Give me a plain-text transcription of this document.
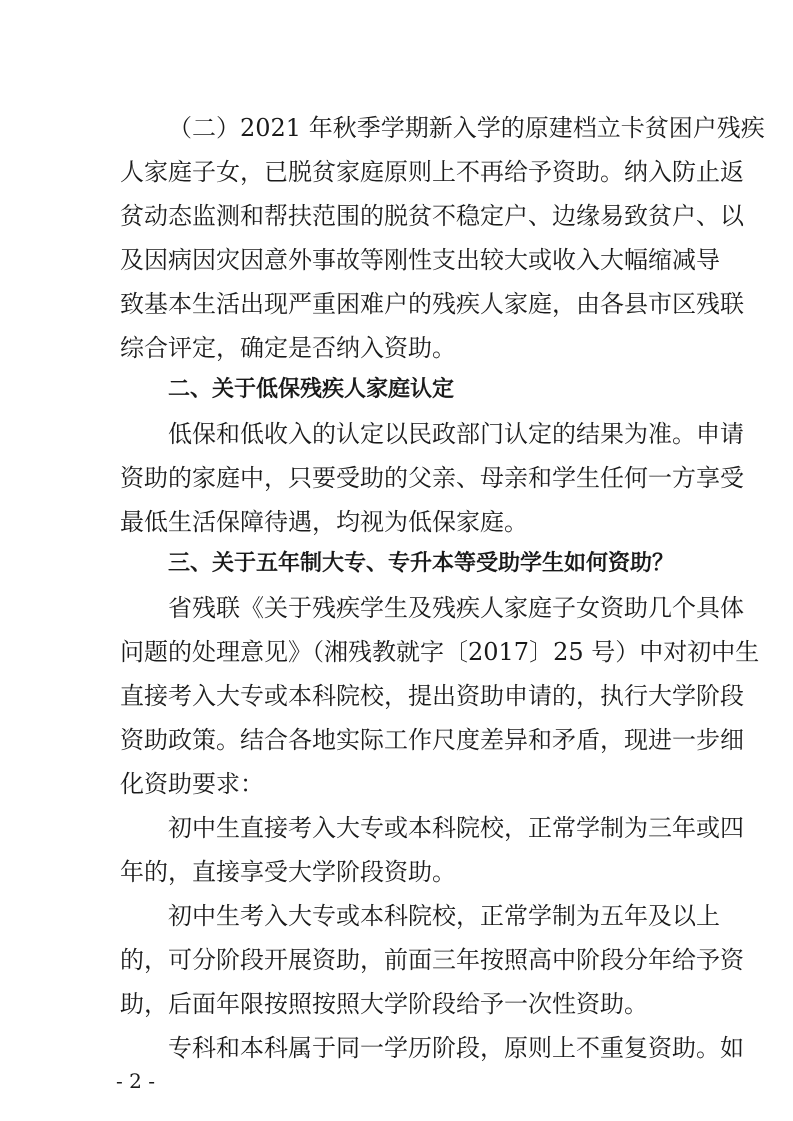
（二）2021 年秋季学期新入学的原建档立卡贫困户残疾
人家庭子女，已脱贫家庭原则上不再给予资助。纳入防止返
贫动态监测和帮扶范围的脱贫不稳定户、边缘易致贫户、以
及因病因灾因意外事故等刚性支出较大或收入大幅缩减导
致基本生活出现严重困难户的残疾人家庭，由各县市区残联
综合评定，确定是否纳入资助。
二、关于低保残疾人家庭认定
低保和低收入的认定以民政部门认定的结果为准。申请
资助的家庭中，只要受助的父亲、母亲和学生任何一方享受
最低生活保障待遇，均视为低保家庭。
三、关于五年制大专、专升本等受助学生如何资助？
省残联《关于残疾学生及残疾人家庭子女资助几个具体
问题的处理意见》（湘残教就字〔2017〕25 号）中对初中生
直接考入大专或本科院校，提出资助申请的，执行大学阶段
资助政策。结合各地实际工作尺度差异和矛盾，现进一步细
化资助要求：
初中生直接考入大专或本科院校，正常学制为三年或四
年的，直接享受大学阶段资助。
初中生考入大专或本科院校，正常学制为五年及以上
的，可分阶段开展资助，前面三年按照高中阶段分年给予资
助，后面年限按照按照大学阶段给予一次性资助。
专科和本科属于同一学历阶段，原则上不重复资助。如
- 2 -
